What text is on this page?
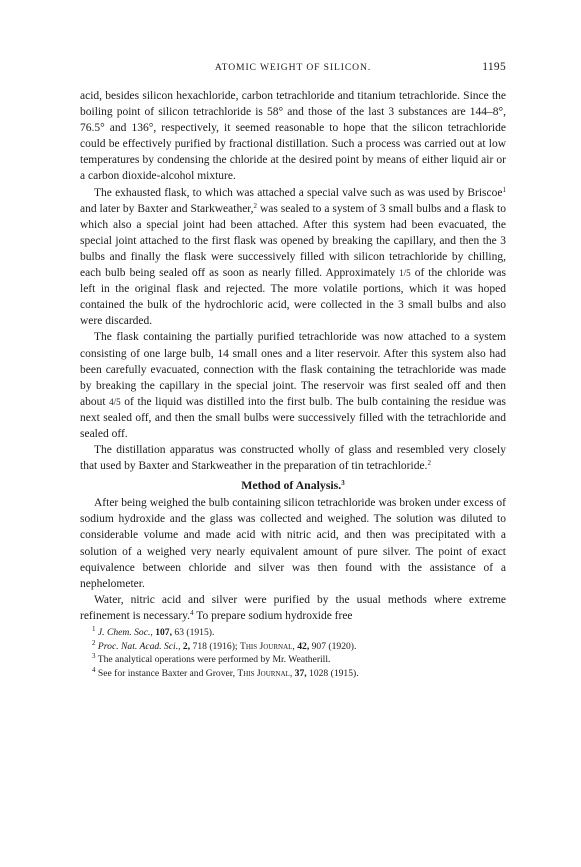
ATOMIC WEIGHT OF SILICON.	1195

acid, besides silicon hexachloride, carbon tetrachloride and titanium tetrachloride. Since the boiling point of silicon tetrachloride is 58° and those of the last 3 substances are 144–8°, 76.5° and 136°, respectively, it seemed reasonable to hope that the silicon tetrachloride could be effectively purified by fractional distillation. Such a process was carried out at low temperatures by condensing the chloride at the desired point by means of either liquid air or a carbon dioxide-alcohol mixture.

The exhausted flask, to which was attached a special valve such as was used by Briscoe$^1$ and later by Baxter and Starkweather,$^2$ was sealed to a system of 3 small bulbs and a flask to which also a special joint had been attached. After this system had been evacuated, the special joint attached to the first flask was opened by breaking the capillary, and then the 3 bulbs and finally the flask were successively filled with silicon tetrachloride by chilling, each bulb being sealed off as soon as nearly filled. Approximately 1/5 of the chloride was left in the original flask and rejected. The more volatile portions, which it was hoped contained the bulk of the hydrochloric acid, were collected in the 3 small bulbs and also were discarded.

The flask containing the partially purified tetrachloride was now attached to a system consisting of one large bulb, 14 small ones and a liter reservoir. After this system also had been carefully evacuated, connection with the flask containing the tetrachloride was made by breaking the capillary in the special joint. The reservoir was first sealed off and then about 4/5 of the liquid was distilled into the first bulb. The bulb containing the residue was next sealed off, and then the small bulbs were successively filled with the tetrachloride and sealed off.

The distillation apparatus was constructed wholly of glass and resembled very closely that used by Baxter and Starkweather in the preparation of tin tetrachloride.$^2$

Method of Analysis.$^3$

After being weighed the bulb containing silicon tetrachloride was broken under excess of sodium hydroxide and the glass was collected and weighed. The solution was diluted to considerable volume and made acid with nitric acid, and then was precipitated with a solution of a weighed very nearly equivalent amount of pure silver. The point of exact equivalence between chloride and silver was then found with the assistance of a nephelometer.

Water, nitric acid and silver were purified by the usual methods where extreme refinement is necessary.$^4$ To prepare sodium hydroxide free

$^1$ J. Chem. Soc., 107, 63 (1915).
$^2$ Proc. Nat. Acad. Sci., 2, 718 (1916); This Journal, 42, 907 (1920).
$^3$ The analytical operations were performed by Mr. Weatherill.
$^4$ See for instance Baxter and Grover, This Journal, 37, 1028 (1915).
